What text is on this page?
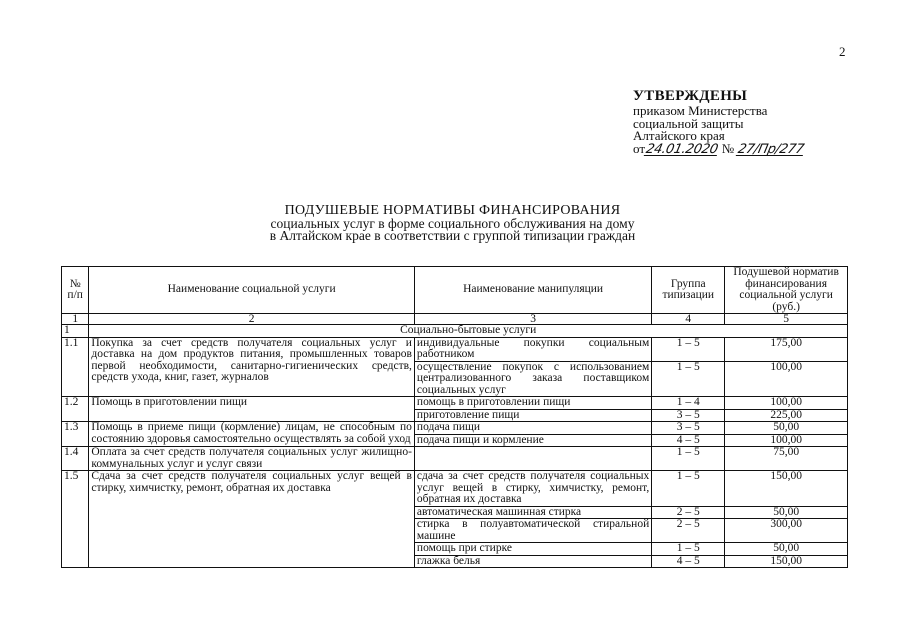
2
УТВЕРЖДЕНЫ
приказом Министерства
социальной защиты
Алтайского края
от24.01.2020 № 27/Пр/277
ПОДУШЕВЫЕ НОРМАТИВЫ ФИНАНСИРОВАНИЯ
социальных услуг в форме социального обслуживания на дому
в Алтайском крае в соответствии с группой типизации граждан
№ п/п	Наименование социальной услуги	Наименование манипуляции	Группа типизации	Подушевой норматив финансирования социальной услуги (руб.)
1	2	3	4	5
1	Социально-бытовые услуги			
1.1	Покупка за счет средств получателя социальных услуг и доставка на дом продуктов питания, промышленных товаров первой необходимости, санитарно-гигиенических средств, средств ухода, книг, газет, журналов	индивидуальные покупки социальным работником	1 – 5	175,00
		осуществление покупок с использованием централизованного заказа поставщиком социальных услуг	1 – 5	100,00
1.2	Помощь в приготовлении пищи	помощь в приготовлении пищи	1 – 4	100,00
		приготовление пищи	3 – 5	225,00
1.3	Помощь в приеме пищи (кормление) лицам, не способным по состоянию здоровья самостоятельно осуществлять за собой уход	подача пищи	3 – 5	50,00
		подача пищи и кормление	4 – 5	100,00
1.4	Оплата за счет средств получателя социальных услуг жилищно-коммунальных услуг и услуг связи		1 – 5	75,00
1.5	Сдача за счет средств получателя социальных услуг вещей в стирку, химчистку, ремонт, обратная их доставка	сдача за счет средств получателя социальных услуг вещей в стирку, химчистку, ремонт, обратная их доставка	1 – 5	150,00
		автоматическая машинная стирка	2 – 5	50,00
		стирка в полуавтоматической стиральной машине	2 – 5	300,00
		помощь при стирке	1 – 5	50,00
		глажка белья	4 – 5	150,00
